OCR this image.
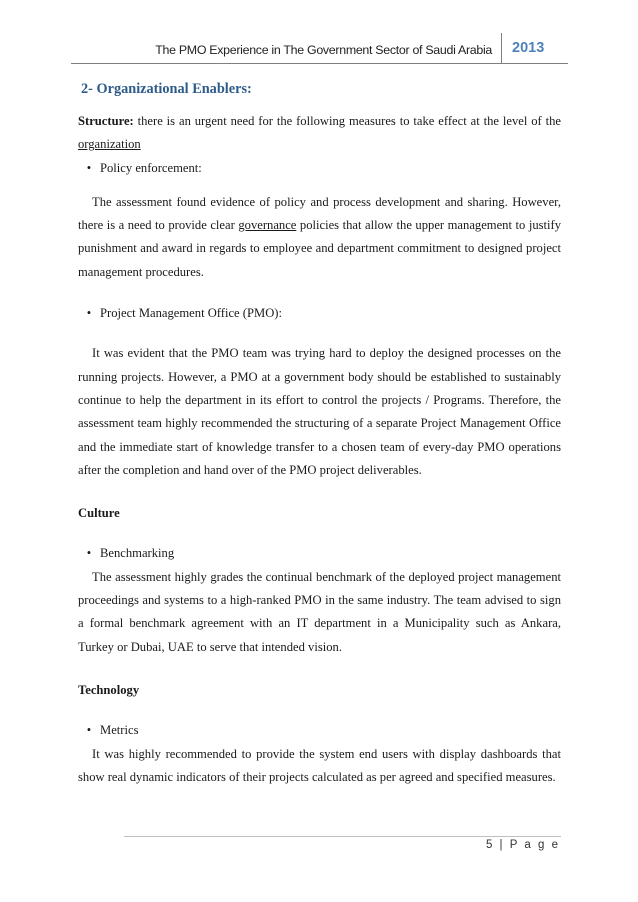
The PMO Experience in The Government Sector of Saudi Arabia 2013
2- Organizational Enablers:

Structure: there is an urgent need for the following measures to take effect at the level of the organization

• Policy enforcement:

The assessment found evidence of policy and process development and sharing. However, there is a need to provide clear governance policies that allow the upper management to justify punishment and award in regards to employee and department commitment to designed project management procedures.

• Project Management Office (PMO):

It was evident that the PMO team was trying hard to deploy the designed processes on the running projects. However, a PMO at a government body should be established to sustainably continue to help the department in its effort to control the projects / Programs. Therefore, the assessment team highly recommended the structuring of a separate Project Management Office and the immediate start of knowledge transfer to a chosen team of every-day PMO operations after the completion and hand over of the PMO project deliverables.

Culture

• Benchmarking

The assessment highly grades the continual benchmark of the deployed project management proceedings and systems to a high-ranked PMO in the same industry. The team advised to sign a formal benchmark agreement with an IT department in a Municipality such as Ankara, Turkey or Dubai, UAE to serve that intended vision.

Technology

• Metrics

It was highly recommended to provide the system end users with display dashboards that show real dynamic indicators of their projects calculated as per agreed and specified measures.

5 | P a g e
